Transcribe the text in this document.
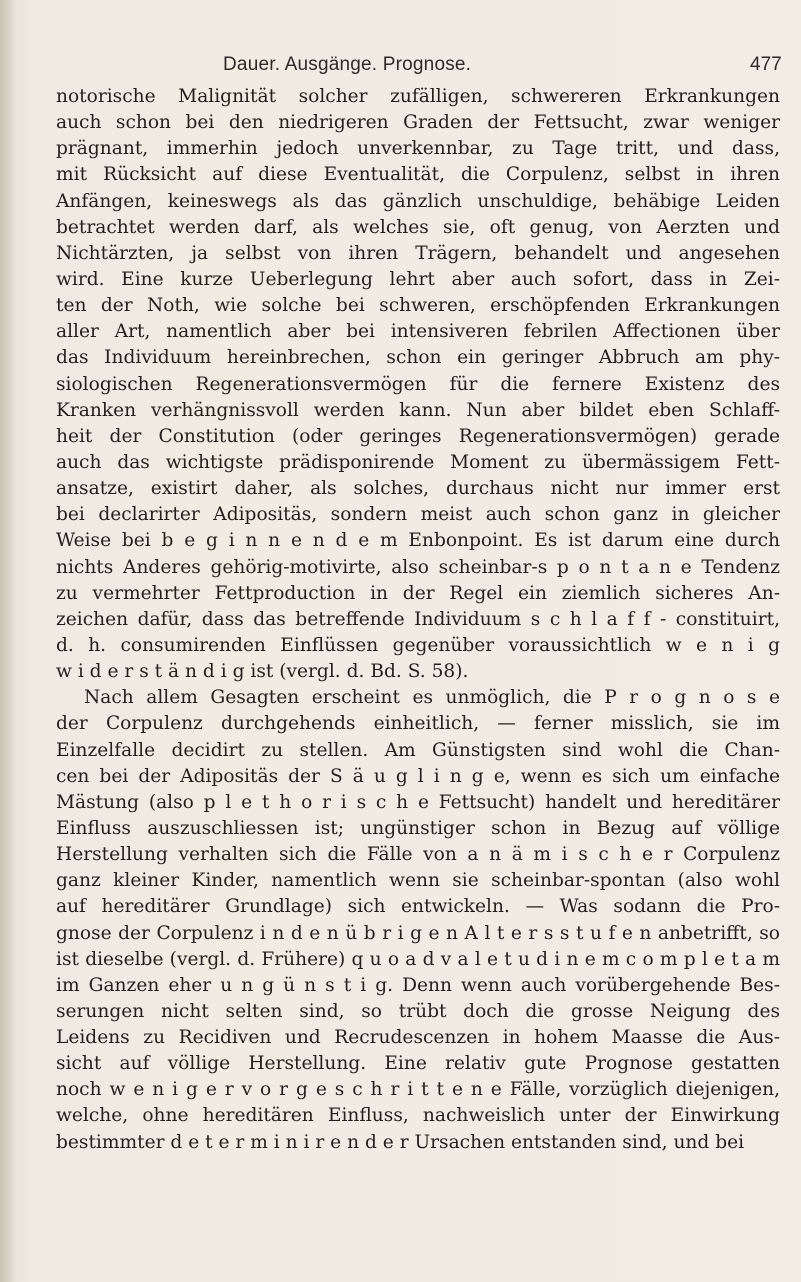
Dauer. Ausgänge. Prognose.	477
notorische Malignität solcher zufälligen, schwereren Erkrankungen
auch schon bei den niedrigeren Graden der Fettsucht, zwar weniger
prägnant, immerhin jedoch unverkennbar, zu Tage tritt, und dass,
mit Rücksicht auf diese Eventualität, die Corpulenz, selbst in ihren
Anfängen, keineswegs als das gänzlich unschuldige, behäbige Leiden
betrachtet werden darf, als welches sie, oft genug, von Aerzten und
Nichtärzten, ja selbst von ihren Trägern, behandelt und angesehen
wird. Eine kurze Ueberlegung lehrt aber auch sofort, dass in Zei-
ten der Noth, wie solche bei schweren, erschöpfenden Erkrankungen
aller Art, namentlich aber bei intensiveren febrilen Affectionen über
das Individuum hereinbrechen, schon ein geringer Abbruch am phy-
siologischen Regenerationsvermögen für die fernere Existenz des
Kranken verhängnissvoll werden kann. Nun aber bildet eben Schlaff-
heit der Constitution (oder geringes Regenerationsvermögen) gerade
auch das wichtigste prädisponirende Moment zu übermässigem Fett-
ansatze, existirt daher, als solches, durchaus nicht nur immer erst
bei declarirter Adipositäs, sondern meist auch schon ganz in gleicher
Weise bei b e g i n n e n d e m Enbonpoint. Es ist darum eine durch
nichts Anderes gehörig-motivirte, also scheinbar-s p o n t a n e Tendenz
zu vermehrter Fettproduction in der Regel ein ziemlich sicheres An-
zeichen dafür, dass das betreffende Individuum s c h l a f f - constituirt,
d. h. consumirenden Einflüssen gegenüber voraussichtlich w e n i g
w i d e r s t ä n d i g ist (vergl. d. Bd. S. 58).
Nach allem Gesagten erscheint es unmöglich, die P r o g n o s e
der Corpulenz durchgehends einheitlich, — ferner misslich, sie im
Einzelfalle decidirt zu stellen. Am Günstigsten sind wohl die Chan-
cen bei der Adipositäs der S ä u g l i n g e, wenn es sich um einfache
Mästung (also p l e t h o r i s c h e Fettsucht) handelt und hereditärer
Einfluss auszuschliessen ist; ungünstiger schon in Bezug auf völlige
Herstellung verhalten sich die Fälle von a n ä m i s c h e r Corpulenz
ganz kleiner Kinder, namentlich wenn sie scheinbar-spontan (also wohl
auf hereditärer Grundlage) sich entwickeln. — Was sodann die Pro-
gnose der Corpulenz i n d e n ü b r i g e n A l t e r s s t u f e n anbetrifft, so
ist dieselbe (vergl. d. Frühere) q u o a d v a l e t u d i n e m c o m p l e t a m
im Ganzen eher u n g ü n s t i g. Denn wenn auch vorübergehende Bes-
serungen nicht selten sind, so trübt doch die grosse Neigung des
Leidens zu Recidiven und Recrudescenzen in hohem Maasse die Aus-
sicht auf völlige Herstellung. Eine relativ gute Prognose gestatten
noch w e n i g e r v o r g e s c h r i t t e n e Fälle, vorzüglich diejenigen,
welche, ohne hereditären Einfluss, nachweislich unter der Einwirkung
bestimmter d e t e r m i n i r e n d e r Ursachen entstanden sind, und bei
